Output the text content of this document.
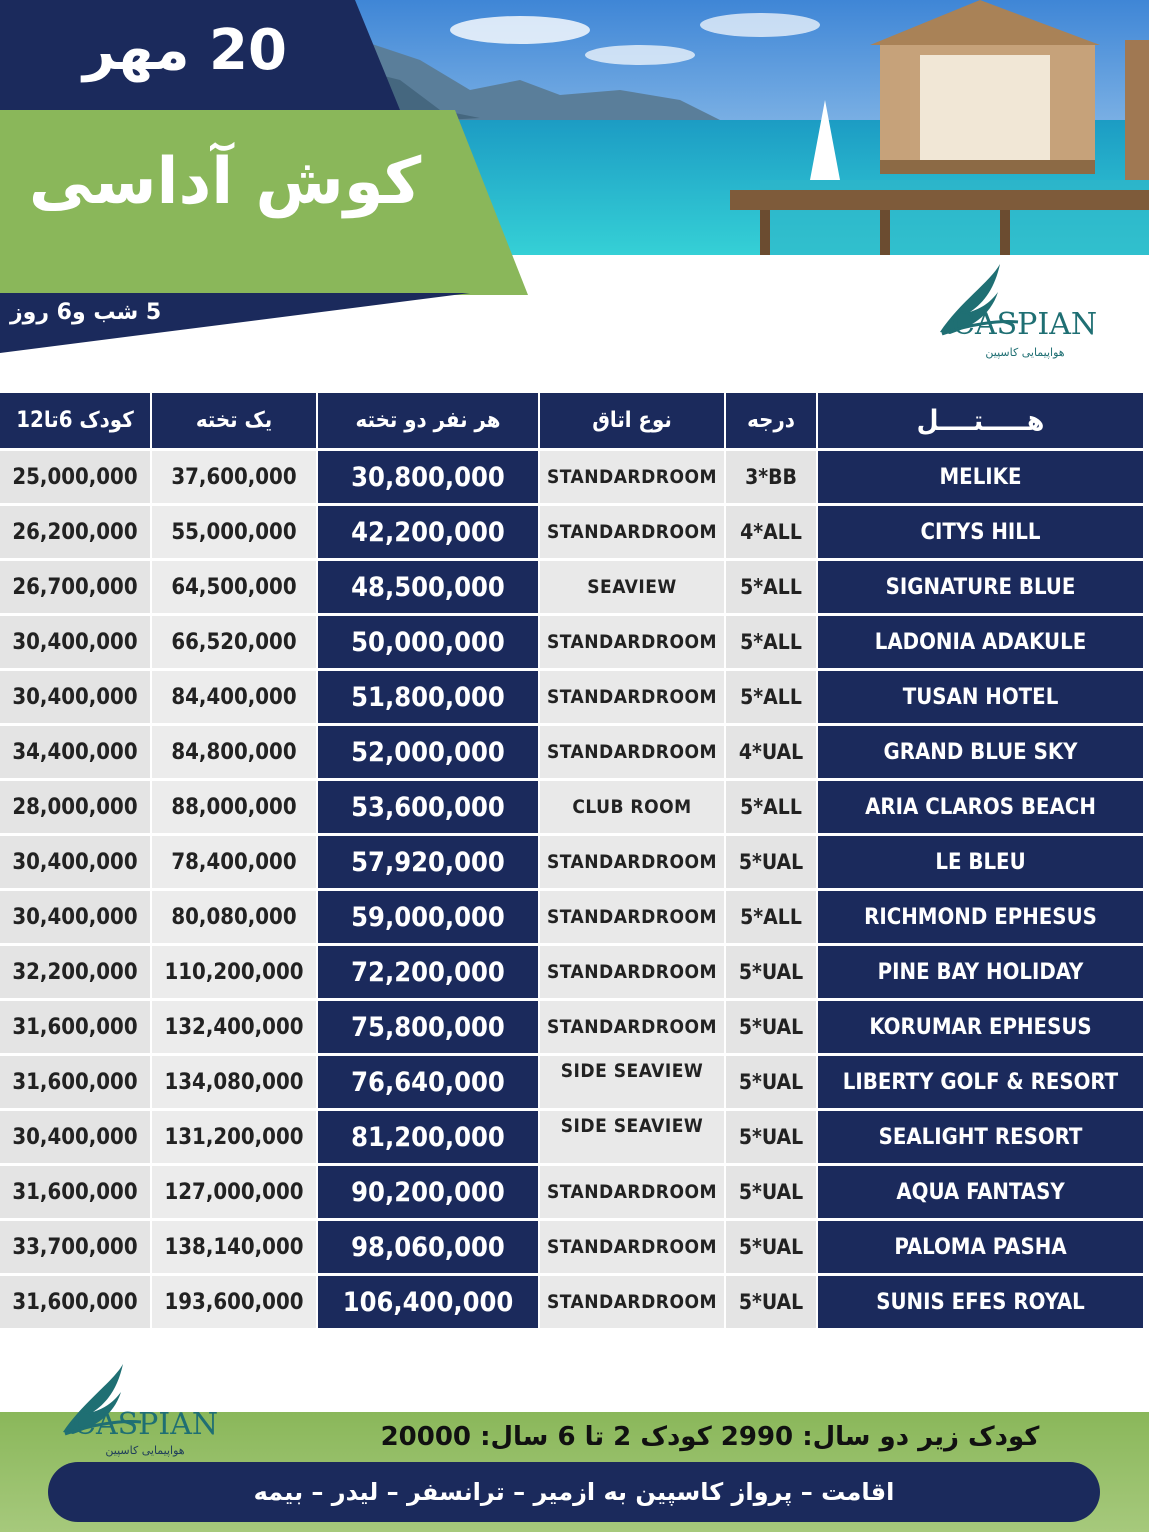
20 مهر
کوش آداسی
5 شب و6 روز	CASPIAN
هواپیمایی کاسپین
کودک 6تا12	یک تخته	هر نفر دو تخته	نوع اتاق	درجه	هـــــتــــل
25,000,000	37,600,000	30,800,000	STANDARDROOM	3*BB	MELIKE
26,200,000	55,000,000	42,200,000	STANDARDROOM	4*ALL	CITYS HILL
26,700,000	64,500,000	48,500,000	SEAVIEW	5*ALL	SIGNATURE BLUE
30,400,000	66,520,000	50,000,000	STANDARDROOM	5*ALL	LADONIA ADAKULE
30,400,000	84,400,000	51,800,000	STANDARDROOM	5*ALL	TUSAN HOTEL
34,400,000	84,800,000	52,000,000	STANDARDROOM	4*UAL	GRAND BLUE SKY
28,000,000	88,000,000	53,600,000	CLUB ROOM	5*ALL	ARIA CLAROS BEACH
30,400,000	78,400,000	57,920,000	STANDARDROOM	5*UAL	LE BLEU
30,400,000	80,080,000	59,000,000	STANDARDROOM	5*ALL	RICHMOND EPHESUS
32,200,000	110,200,000	72,200,000	STANDARDROOM	5*UAL	PINE BAY HOLIDAY
31,600,000	132,400,000	75,800,000	STANDARDROOM	5*UAL	KORUMAR EPHESUS
31,600,000	134,080,000	76,640,000	SIDE SEAVIEW	5*UAL	LIBERTY GOLF & RESORT
30,400,000	131,200,000	81,200,000	SIDE SEAVIEW	5*UAL	SEALIGHT RESORT
31,600,000	127,000,000	90,200,000	STANDARDROOM	5*UAL	AQUA FANTASY
33,700,000	138,140,000	98,060,000	STANDARDROOM	5*UAL	PALOMA PASHA
31,600,000	193,600,000	106,400,000	STANDARDROOM	5*UAL	SUNIS EFES ROYAL
CASPIAN
هواپیمایی کاسپین	کودک زیر دو سال: 2990 کودک 2 تا 6 سال: 20000
اقامت – پرواز کاسپین به ازمیر – ترانسفر – لیدر – بیمه
